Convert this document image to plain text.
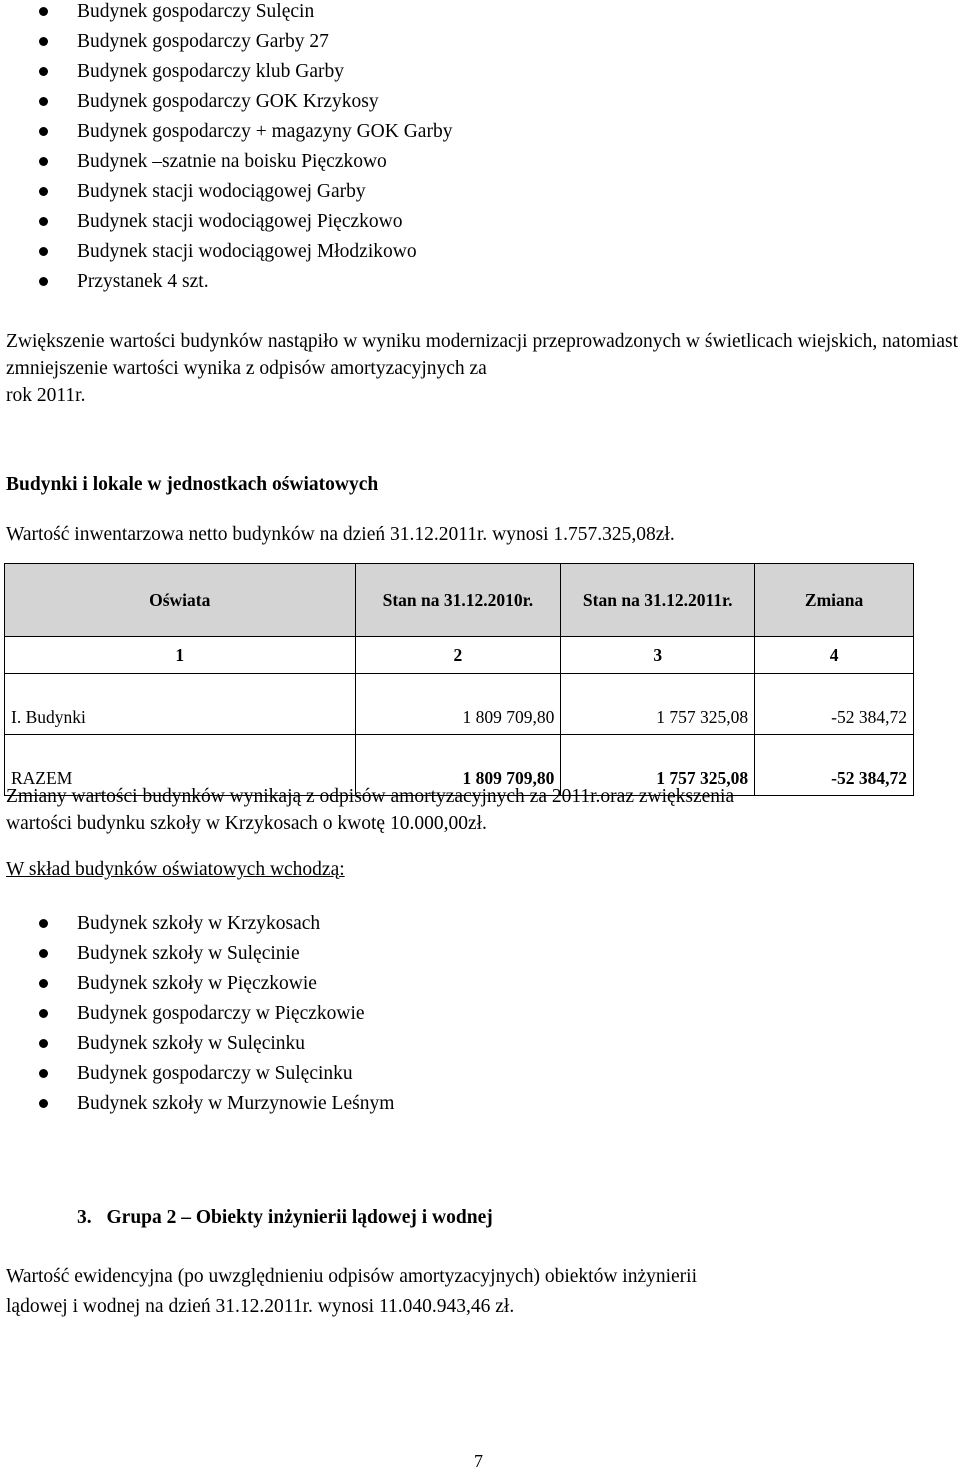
Budynek gospodarczy Sulęcin
Budynek gospodarczy Garby 27
Budynek gospodarczy klub Garby
Budynek gospodarczy GOK Krzykosy
Budynek gospodarczy + magazyny GOK Garby
Budynek –szatnie na boisku Pięczkowo
Budynek stacji wodociągowej Garby
Budynek stacji wodociągowej Pięczkowo
Budynek stacji wodociągowej Młodzikowo
Przystanek 4 szt.
Zwiększenie wartości budynków nastąpiło w wyniku modernizacji przeprowadzonych w świetlicach wiejskich, natomiast zmniejszenie wartości wynika z odpisów amortyzacyjnych za
rok 2011r.
Budynki i lokale w jednostkach oświatowych
Wartość inwentarzowa netto budynków na dzień 31.12.2011r. wynosi 1.757.325,08zł.
Oświata	Stan na 31.12.2010r.	Stan na 31.12.2011r.	Zmiana
1	2	3	4
I. Budynki	1 809 709,80	1 757 325,08	-52 384,72
RAZEM	1 809 709,80	1 757 325,08	-52 384,72
Zmiany wartości budynków wynikają z odpisów amortyzacyjnych za 2011r.oraz zwiększenia
wartości budynku szkoły w Krzykosach o kwotę 10.000,00zł.
W skład budynków oświatowych wchodzą:
Budynek szkoły w Krzykosach
Budynek szkoły w Sulęcinie
Budynek szkoły w Pięczkowie
Budynek gospodarczy w Pięczkowie
Budynek szkoły w Sulęcinku
Budynek gospodarczy w Sulęcinku
Budynek szkoły w Murzynowie Leśnym
3. Grupa 2 – Obiekty inżynierii lądowej i wodnej
Wartość ewidencyjna (po uwzględnieniu odpisów amortyzacyjnych) obiektów inżynierii
lądowej i wodnej na dzień 31.12.2011r. wynosi 11.040.943,46 zł.
7
